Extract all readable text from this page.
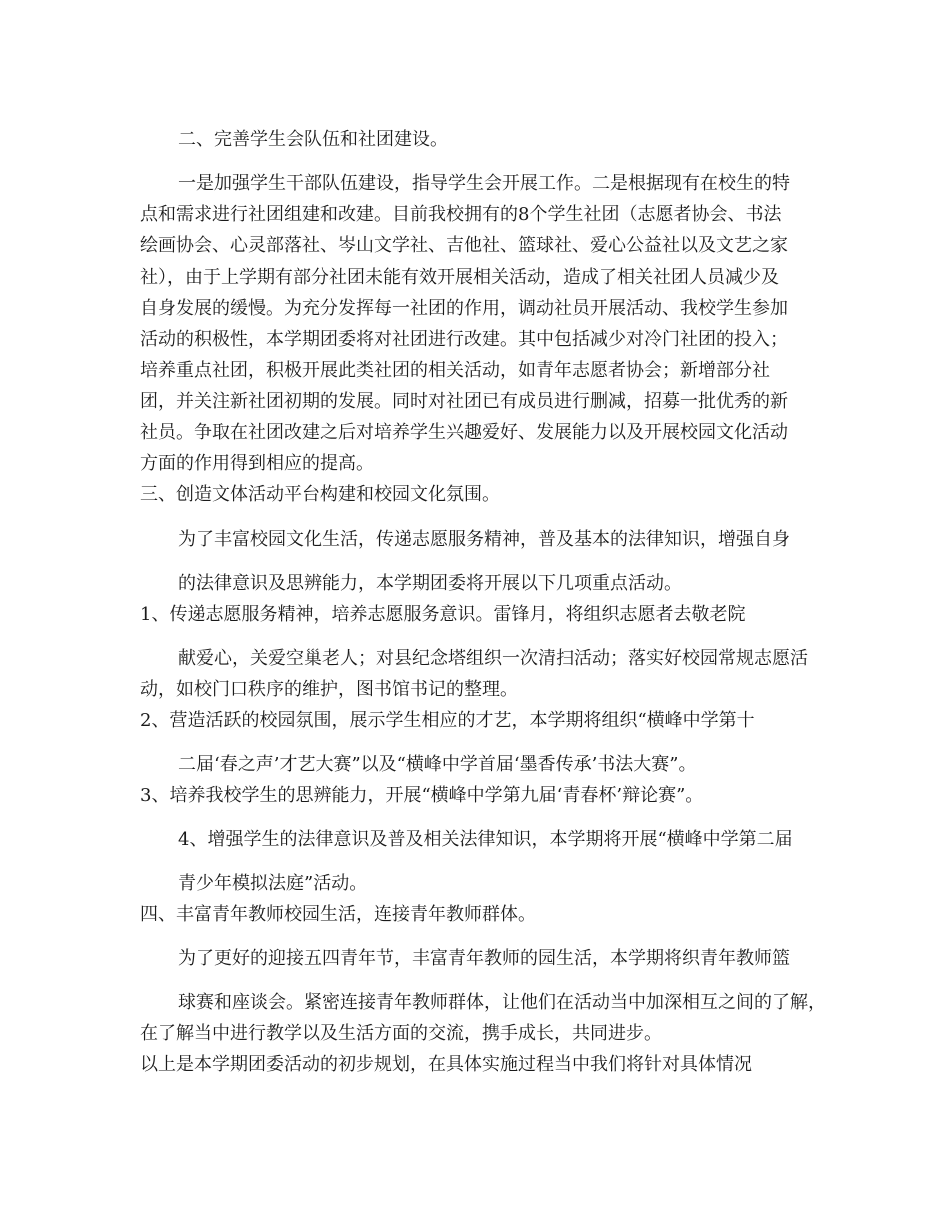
二、完善学生会队伍和社团建设。
一是加强学生干部队伍建设，指导学生会开展工作。二是根据现有在校生的特
点和需求进行社团组建和改建。目前我校拥有的8个学生社团（志愿者协会、书法
绘画协会、心灵部落社、岑山文学社、吉他社、篮球社、爱心公益社以及文艺之家
社），由于上学期有部分社团未能有效开展相关活动，造成了相关社团人员减少及
自身发展的缓慢。为充分发挥每一社团的作用，调动社员开展活动、我校学生参加
活动的积极性，本学期团委将对社团进行改建。其中包括减少对冷门社团的投入；
培养重点社团，积极开展此类社团的相关活动，如青年志愿者协会；新增部分社
团，并关注新社团初期的发展。同时对社团已有成员进行删减，招募一批优秀的新
社员。争取在社团改建之后对培养学生兴趣爱好、发展能力以及开展校园文化活动
方面的作用得到相应的提高。
三、创造文体活动平台构建和校园文化氛围。
为了丰富校园文化生活，传递志愿服务精神，普及基本的法律知识，增强自身
的法律意识及思辨能力，本学期团委将开展以下几项重点活动。
1、传递志愿服务精神，培养志愿服务意识。雷锋月，将组织志愿者去敬老院
献爱心，关爱空巢老人；对县纪念塔组织一次清扫活动；落实好校园常规志愿活
动，如校门口秩序的维护，图书馆书记的整理。
2、营造活跃的校园氛围，展示学生相应的才艺，本学期将组织“横峰中学第十
二届‘春之声’才艺大赛”以及“横峰中学首届‘墨香传承’书法大赛”。
3、培养我校学生的思辨能力，开展“横峰中学第九届‘青春杯’辩论赛”。
4、增强学生的法律意识及普及相关法律知识，本学期将开展“横峰中学第二届
青少年模拟法庭”活动。
四、丰富青年教师校园生活，连接青年教师群体。
为了更好的迎接五四青年节，丰富青年教师的园生活，本学期将织青年教师篮
球赛和座谈会。紧密连接青年教师群体，让他们在活动当中加深相互之间的了解，
在了解当中进行教学以及生活方面的交流，携手成长，共同进步。
以上是本学期团委活动的初步规划，在具体实施过程当中我们将针对具体情况
